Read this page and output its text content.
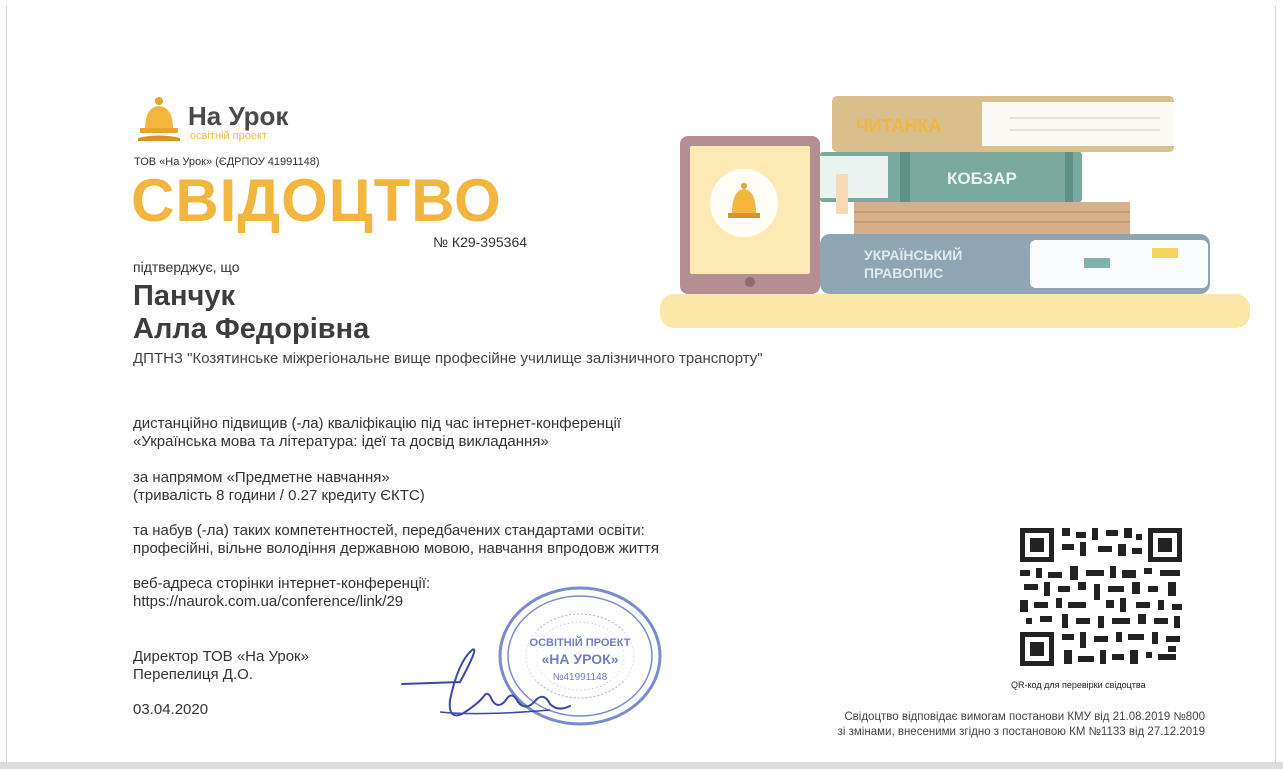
На Урок
освітній проект
ТОВ «На Урок» (ЄДРПОУ 41991148)
СВІДОЦТВО
№ К29-395364
підтверджує, що
Панчук
Алла Федорівна
ДПТНЗ "Козятинське міжрегіональне вище професійне училище залізничного транспорту"
дистанційно підвищив (-ла) кваліфікацію під час інтернет-конференції
«Українська мова та література: ідеї та досвід викладання»
за напрямом «Предметне навчання»
(тривалість 8 години / 0.27 кредиту ЄКТС)
та набув (-ла) таких компетентностей, передбачених стандартами освіти:
професійні, вільне володіння державною мовою, навчання впродовж життя
веб-адреса сторінки інтернет-конференції:
https://naurok.com.ua/conference/link/29
Директор ТОВ «На Урок»
Перепелиця Д.О.
03.04.2020
ЧИТАНКА
КОБЗАР
УКРАЇНСЬКИЙ
ПРАВОПИС
QR-код для перевірки свідоцтва
Свідоцтво відповідає вимогам постанови КМУ від 21.08.2019 №800
зі змінами, внесеними згідно з постановою КМ №1133 від 27.12.2019
ОСВІТНІЙ ПРОЕКТ
«НА УРОК»
№41991148
